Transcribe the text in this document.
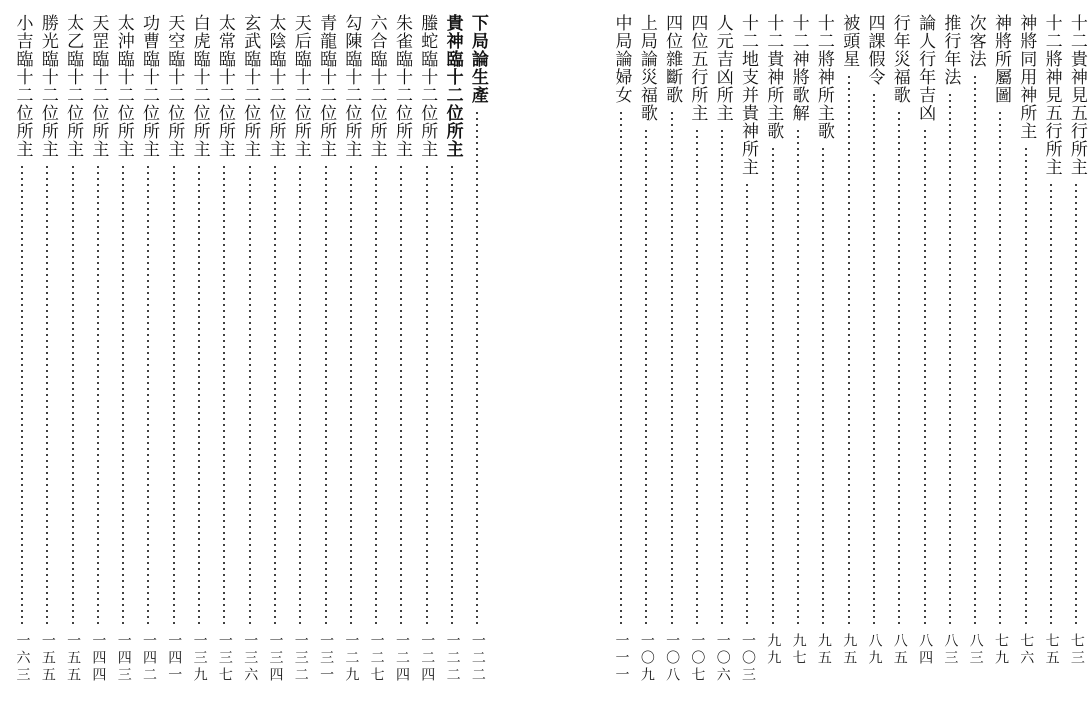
下局論生產
一二二
貴神臨十二位所主
一二二
螣蛇臨十二位所主
一二四
朱雀臨十二位所主
一二四
六合臨十二位所主
一二七
勾陳臨十二位所主
一二九
青龍臨十二位所主
一三一
天后臨十二位所主
一三二
太陰臨十二位所主
一三四
玄武臨十二位所主
一三六
太常臨十二位所主
一三七
白虎臨十二位所主
一三九
天空臨十二位所主
一四一
功曹臨十二位所主
一四二
太沖臨十二位所主
一四三
天罡臨十二位所主
一四四
太乙臨十二位所主
一五五
勝光臨十二位所主
一五五
小吉臨十二位所主
一六三
十二貴神見五行所主
七三
十二將神見五行所主
七五
神將同用神所主
七六
神將所屬圖
七九
次客法
八三
推行年法
八三
論人行年吉凶
八四
行年災福歌
八五
四課假令
八九
被頭星
九五
十二將神所主歌
九五
十二神將歌解
九七
十二貴神所主歌
九九
十二地支并貴神所主
一〇三
人元吉凶所主
一〇六
四位五行所主
一〇七
四位雜斷歌
一〇八
上局論災福歌
一〇九
中局論婦女
一一一
